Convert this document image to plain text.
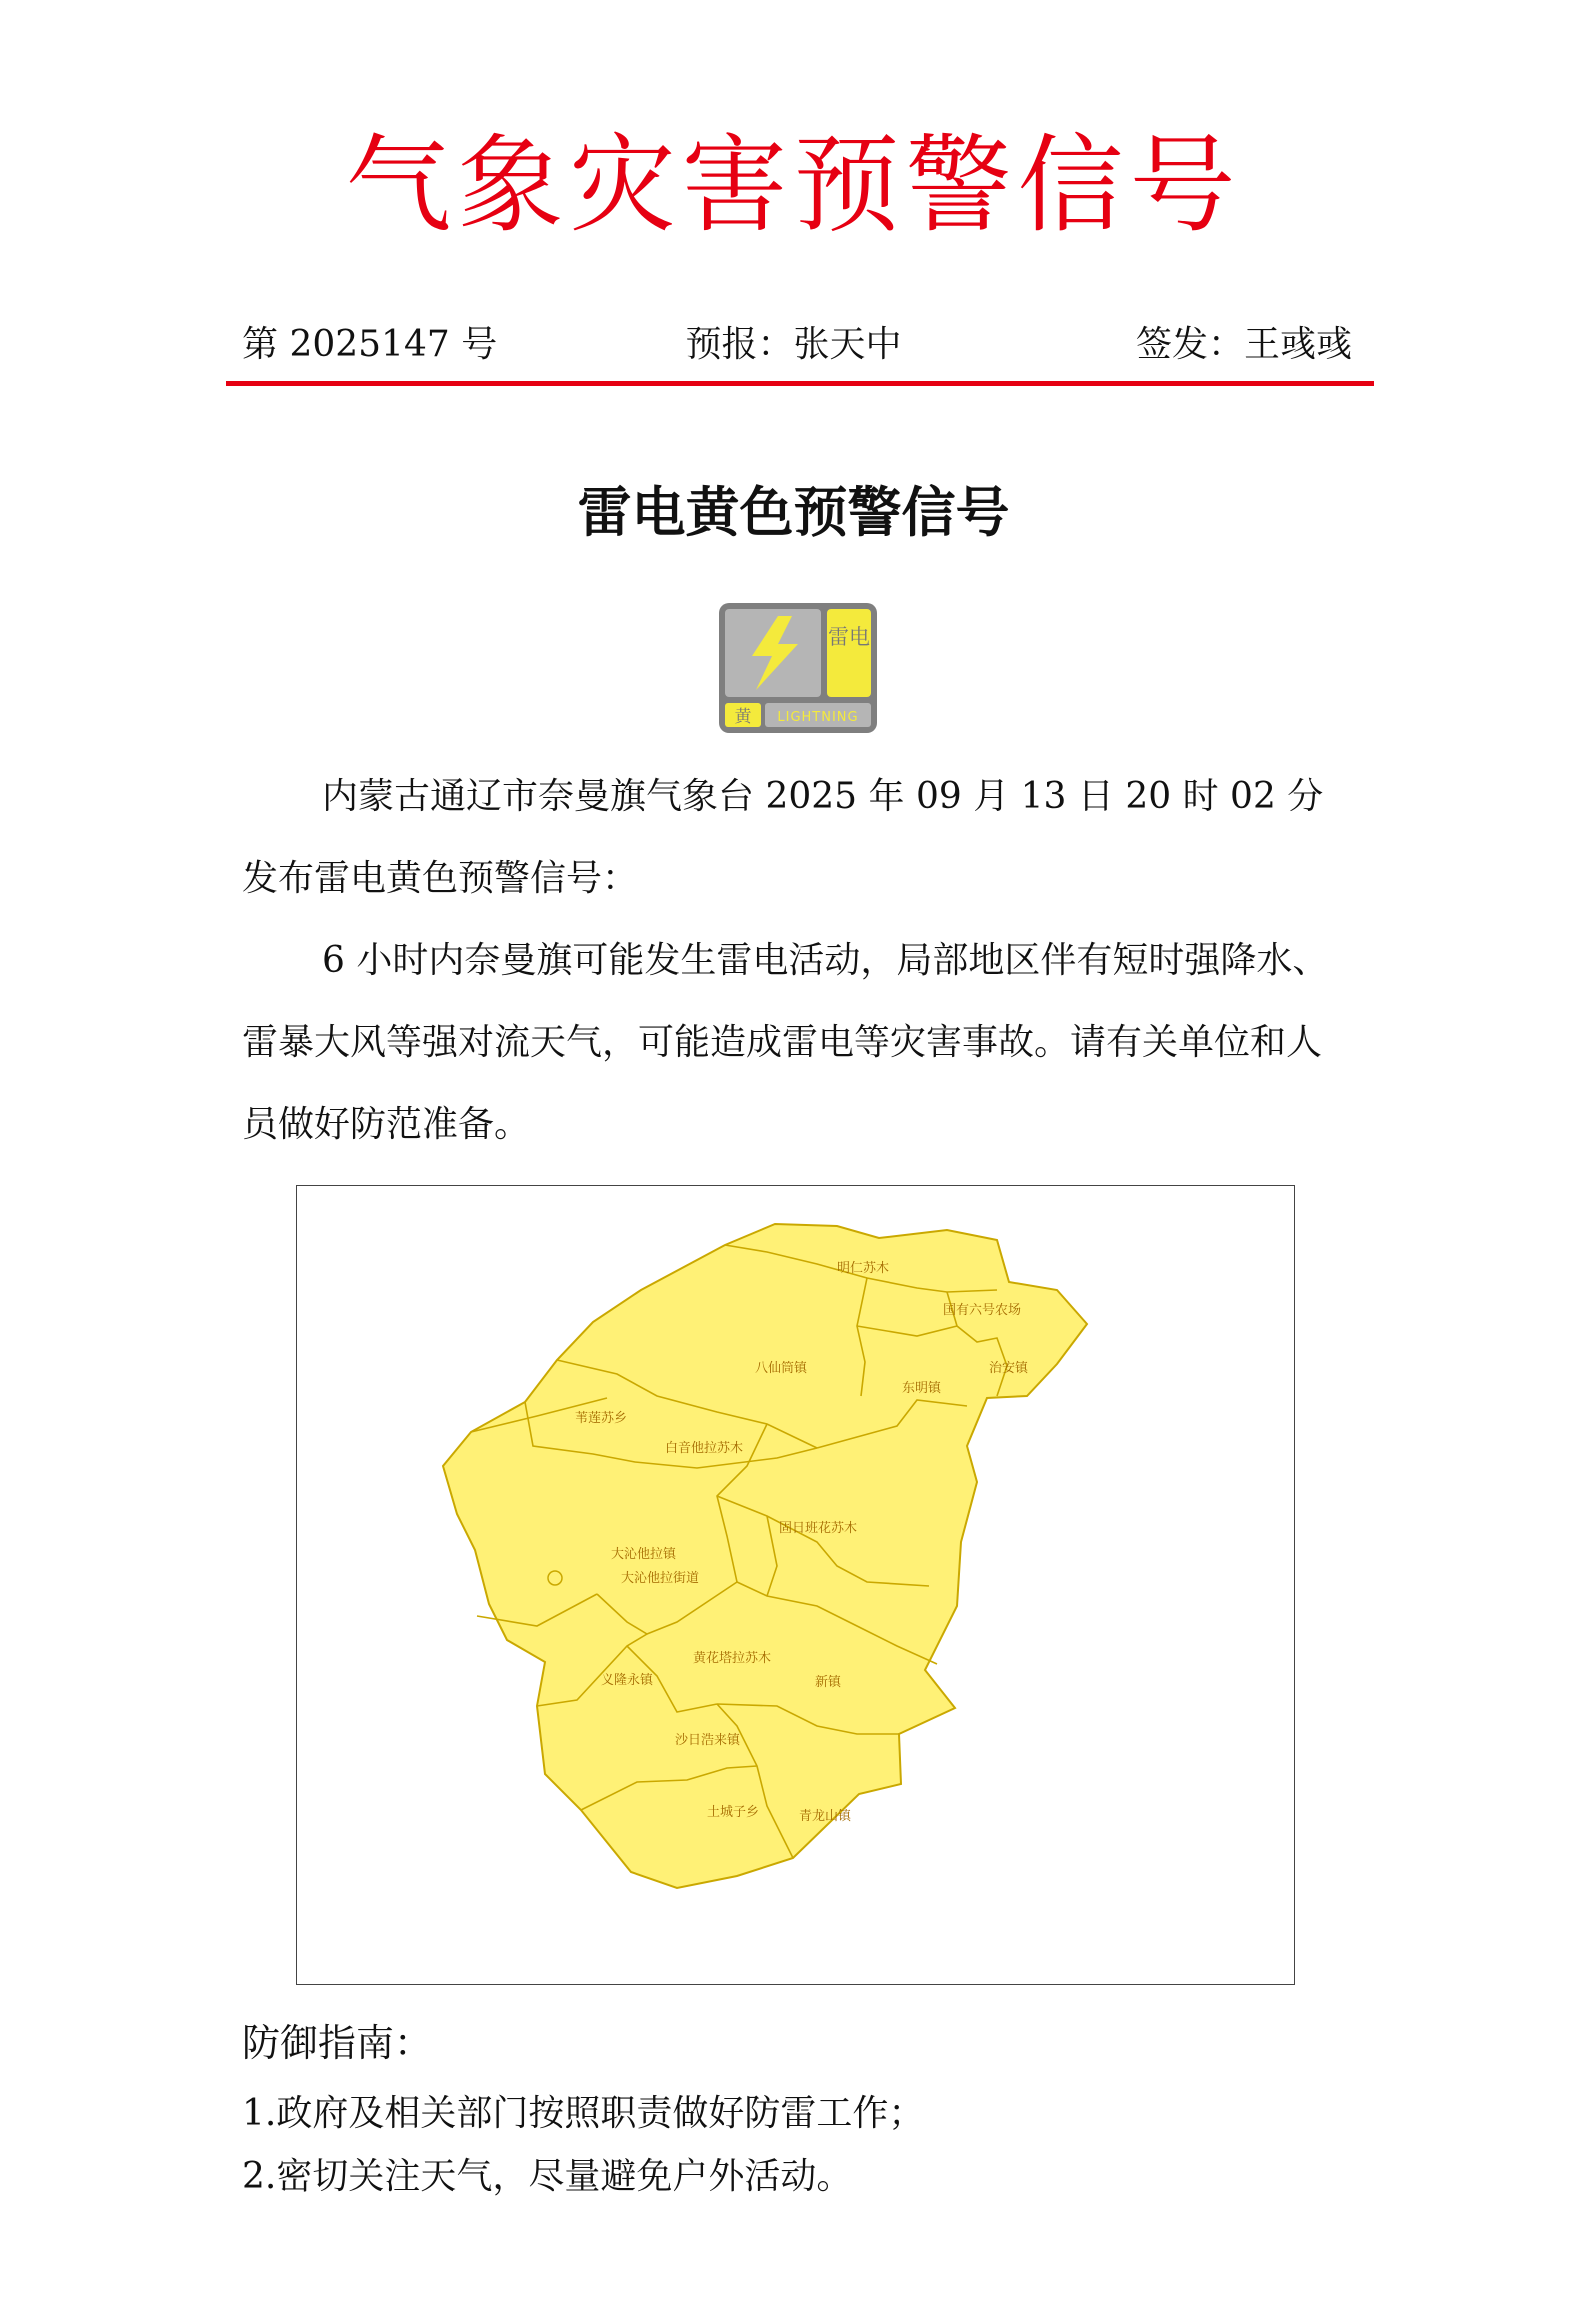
气象灾害预警信号
第 2025147 号	预报：张天中	签发：王彧彧
雷电黄色预警信号
雷电
黄 LIGHTNING

内蒙古通辽市奈曼旗气象台 2025 年 09 月 13 日 20 时 02 分发布雷电黄色预警信号：

6 小时内奈曼旗可能发生雷电活动，局部地区伴有短时强降水、雷暴大风等强对流天气，可能造成雷电等灾害事故。请有关单位和人员做好防范准备。

明仁苏木
国有六号农场
八仙筒镇	治安镇
东明镇
苇莲苏乡
白音他拉苏木
固日班花苏木
大沁他拉镇
大沁他拉街道
黄花塔拉苏木
新镇
义隆永镇
沙日浩来镇
土城子乡	青龙山镇
防御指南：
1.政府及相关部门按照职责做好防雷工作；
2.密切关注天气，尽量避免户外活动。
